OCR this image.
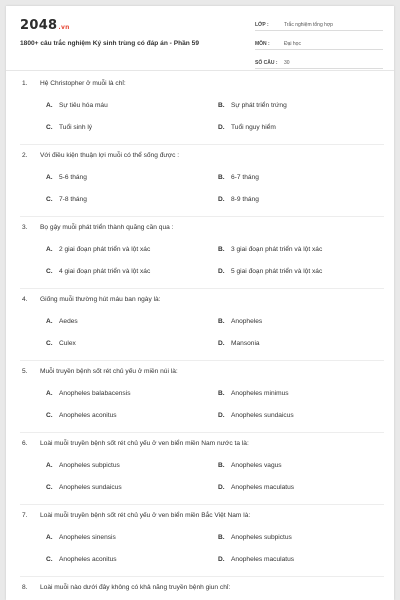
2048.vn
1800+ câu trắc nghiệm Ký sinh trùng có đáp án - Phần 59
LỚP :	Trắc nghiệm tổng hợp
MÔN :	Đại học
SỐ CÂU :	30
1. Hệ Christopher ở muỗi là chỉ:
A. Sự tiêu hóa máu	B. Sự phát triển trứng
C. Tuổi sinh lý	D. Tuổi nguy hiểm
2. Với điều kiện thuận lợi muỗi có thể sống được :
A. 5-6 tháng	B. 6-7 tháng
C. 7-8 tháng	D. 8-9 tháng
3. Bọ gậy muỗi phát triển thành quăng cần qua :
A. 2 giai đoạn phát triển và lột xác	B. 3 giai đoạn phát triển và lột xác
C. 4 giai đoạn phát triển và lột xác	D. 5 giai đoạn phát triển và lột xác
4. Giống muỗi thường hút máu ban ngày là:
A. Aedes	B. Anopheles
C. Culex	D. Mansonia
5. Muỗi truyền bệnh sốt rét chủ yếu ở miền núi là:
A. Anopheles balabacensis	B. Anopheles minimus
C. Anopheles aconitus	D. Anopheles sundaicus
6. Loài muỗi truyền bệnh sốt rét chủ yếu ở ven biển miền Nam nước ta là:
A. Anopheles subpictus	B. Anopheles vagus
C. Anopheles sundaicus	D. Anopheles maculatus
7. Loài muỗi truyền bệnh sốt rét chủ yếu ở ven biển miền Bắc Việt Nam là:
A. Anopheles sinensis	B. Anopheles subpictus
C. Anopheles aconitus	D. Anopheles maculatus
8. Loài muỗi nào dưới đây không có khả năng truyền bệnh giun chỉ:
